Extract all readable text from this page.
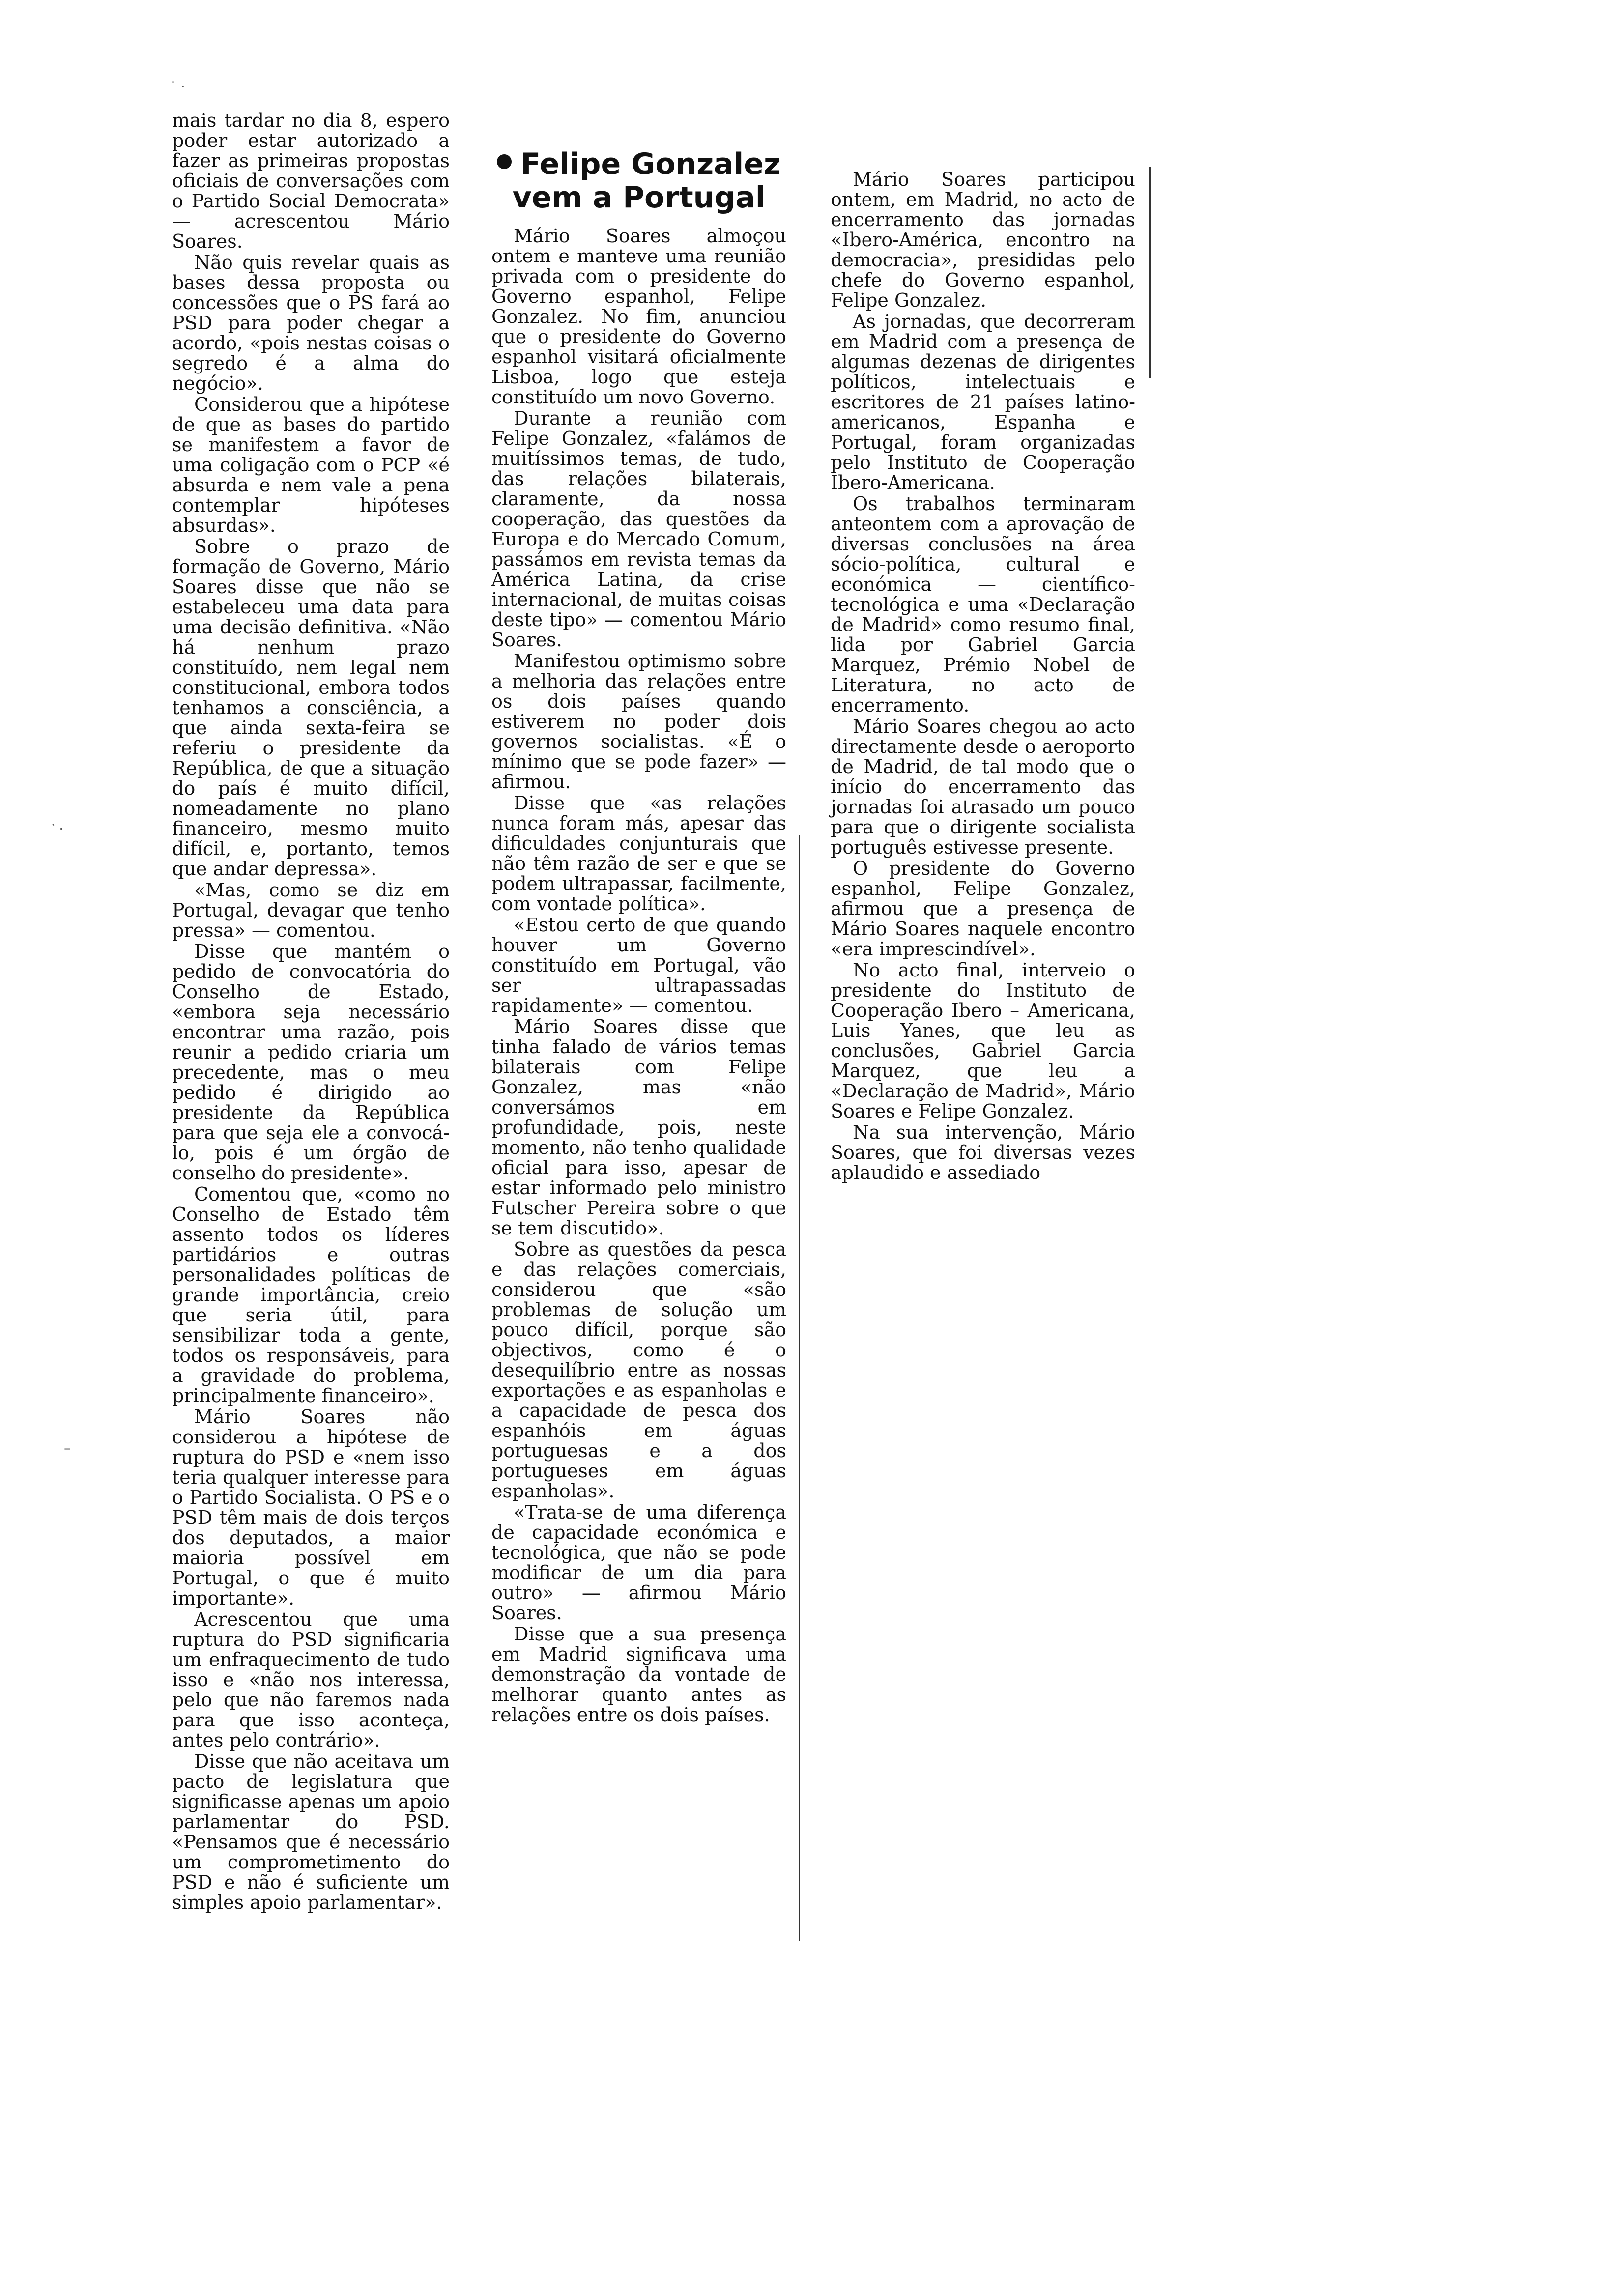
˙ ·
‵ ·
–

mais tardar no dia 8, espero poder estar autorizado a fazer as primeiras propostas oficiais de conversações com o Partido Social Democrata» — acrescentou Mário Soares.

Não quis revelar quais as bases dessa proposta ou concessões que o PS fará ao PSD para poder chegar a acordo, «pois nestas coisas o segredo é a alma do negócio».

Considerou que a hipótese de que as bases do partido se manifestem a favor de uma coligação com o PCP «é absurda e nem vale a pena contemplar hipóteses absurdas».

Sobre o prazo de formação de Governo, Mário Soares disse que não se estabeleceu uma data para uma decisão definitiva. «Não há nenhum prazo constituído, nem legal nem constitucional, embora todos tenhamos a consciência, a que ainda sexta-feira se referiu o presidente da República, de que a situação do país é muito difícil, nomeadamente no plano financeiro, mesmo muito difícil, e, portanto, temos que andar depressa».

«Mas, como se diz em Portugal, devagar que tenho pressa» — comentou.

Disse que mantém o pedido de convocatória do Conselho de Estado, «embora seja necessário encontrar uma razão, pois reunir a pedido criaria um precedente, mas o meu pedido é dirigido ao presidente da República para que seja ele a convocá-lo, pois é um órgão de conselho do presidente».

Comentou que, «como no Conselho de Estado têm assento todos os líderes partidários e outras personalidades políticas de grande importância, creio que seria útil, para sensibilizar toda a gente, todos os responsáveis, para a gravidade do problema, principalmente financeiro».

Mário Soares não considerou a hipótese de ruptura do PSD e «nem isso teria qualquer interesse para o Partido Socialista. O PS e o PSD têm mais de dois terços dos deputados, a maior maioria possível em Portugal, o que é muito importante».

Acrescentou que uma ruptura do PSD significaria um enfraquecimento de tudo isso e «não nos interessa, pelo que não faremos nada para que isso aconteça, antes pelo contrário».

Disse que não aceitava um pacto de legislatura que significasse apenas um apoio parlamentar do PSD. «Pensamos que é necessário um comprometimento do PSD e não é suficiente um simples apoio parlamentar».

Felipe Gonzalez vem a Portugal

Mário Soares almoçou ontem e manteve uma reunião privada com o presidente do Governo espanhol, Felipe Gonzalez. No fim, anunciou que o presidente do Governo espanhol visitará oficialmente Lisboa, logo que esteja constituído um novo Governo.

Durante a reunião com Felipe Gonzalez, «falámos de muitíssimos temas, de tudo, das relações bilaterais, claramente, da nossa cooperação, das questões da Europa e do Mercado Comum, passámos em revista temas da América Latina, da crise internacional, de muitas coisas deste tipo» — comentou Mário Soares.

Manifestou optimismo sobre a melhoria das relações entre os dois países quando estiverem no poder dois governos socialistas. «É o mínimo que se pode fazer» — afirmou.

Disse que «as relações nunca foram más, apesar das dificuldades conjunturais que não têm razão de ser e que se podem ultrapassar, facilmente, com vontade política».

«Estou certo de que quando houver um Governo constituído em Portugal, vão ser ultrapassadas rapidamente» — comentou.

Mário Soares disse que tinha falado de vários temas bilaterais com Felipe Gonzalez, mas «não conversámos em profundidade, pois, neste momento, não tenho qualidade oficial para isso, apesar de estar informado pelo ministro Futscher Pereira sobre o que se tem discutido».

Sobre as questões da pesca e das relações comerciais, considerou que «são problemas de solução um pouco difícil, porque são objectivos, como é o desequilíbrio entre as nossas exportações e as espanholas e a capacidade de pesca dos espanhóis em águas portuguesas e a dos portugueses em águas espanholas».

«Trata-se de uma diferença de capacidade económica e tecnológica, que não se pode modificar de um dia para outro» — afirmou Mário Soares.

Disse que a sua presença em Madrid significava uma demonstração da vontade de melhorar quanto antes as relações entre os dois países.

Mário Soares participou ontem, em Madrid, no acto de encerramento das jornadas «Ibero-América, encontro na democracia», presididas pelo chefe do Governo espanhol, Felipe Gonzalez.

As jornadas, que decorreram em Madrid com a presença de algumas dezenas de dirigentes políticos, intelectuais e escritores de 21 países latino-americanos, Espanha e Portugal, foram organizadas pelo Instituto de Cooperação Ibero-Americana.

Os trabalhos terminaram anteontem com a aprovação de diversas conclusões na área sócio-política, cultural e económica — científico-tecnológica e uma «Declaração de Madrid» como resumo final, lida por Gabriel Garcia Marquez, Prémio Nobel de Literatura, no acto de encerramento.

Mário Soares chegou ao acto directamente desde o aeroporto de Madrid, de tal modo que o início do encerramento das jornadas foi atrasado um pouco para que o dirigente socialista português estivesse presente.

O presidente do Governo espanhol, Felipe Gonzalez, afirmou que a presença de Mário Soares naquele encontro «era imprescindível».

No acto final, interveio o presidente do Instituto de Cooperação Ibero – Americana, Luis Yanes, que leu as conclusões, Gabriel Garcia Marquez, que leu a «Declaração de Madrid», Mário Soares e Felipe Gonzalez.

Na sua intervenção, Mário Soares, que foi diversas vezes aplaudido e assediado
